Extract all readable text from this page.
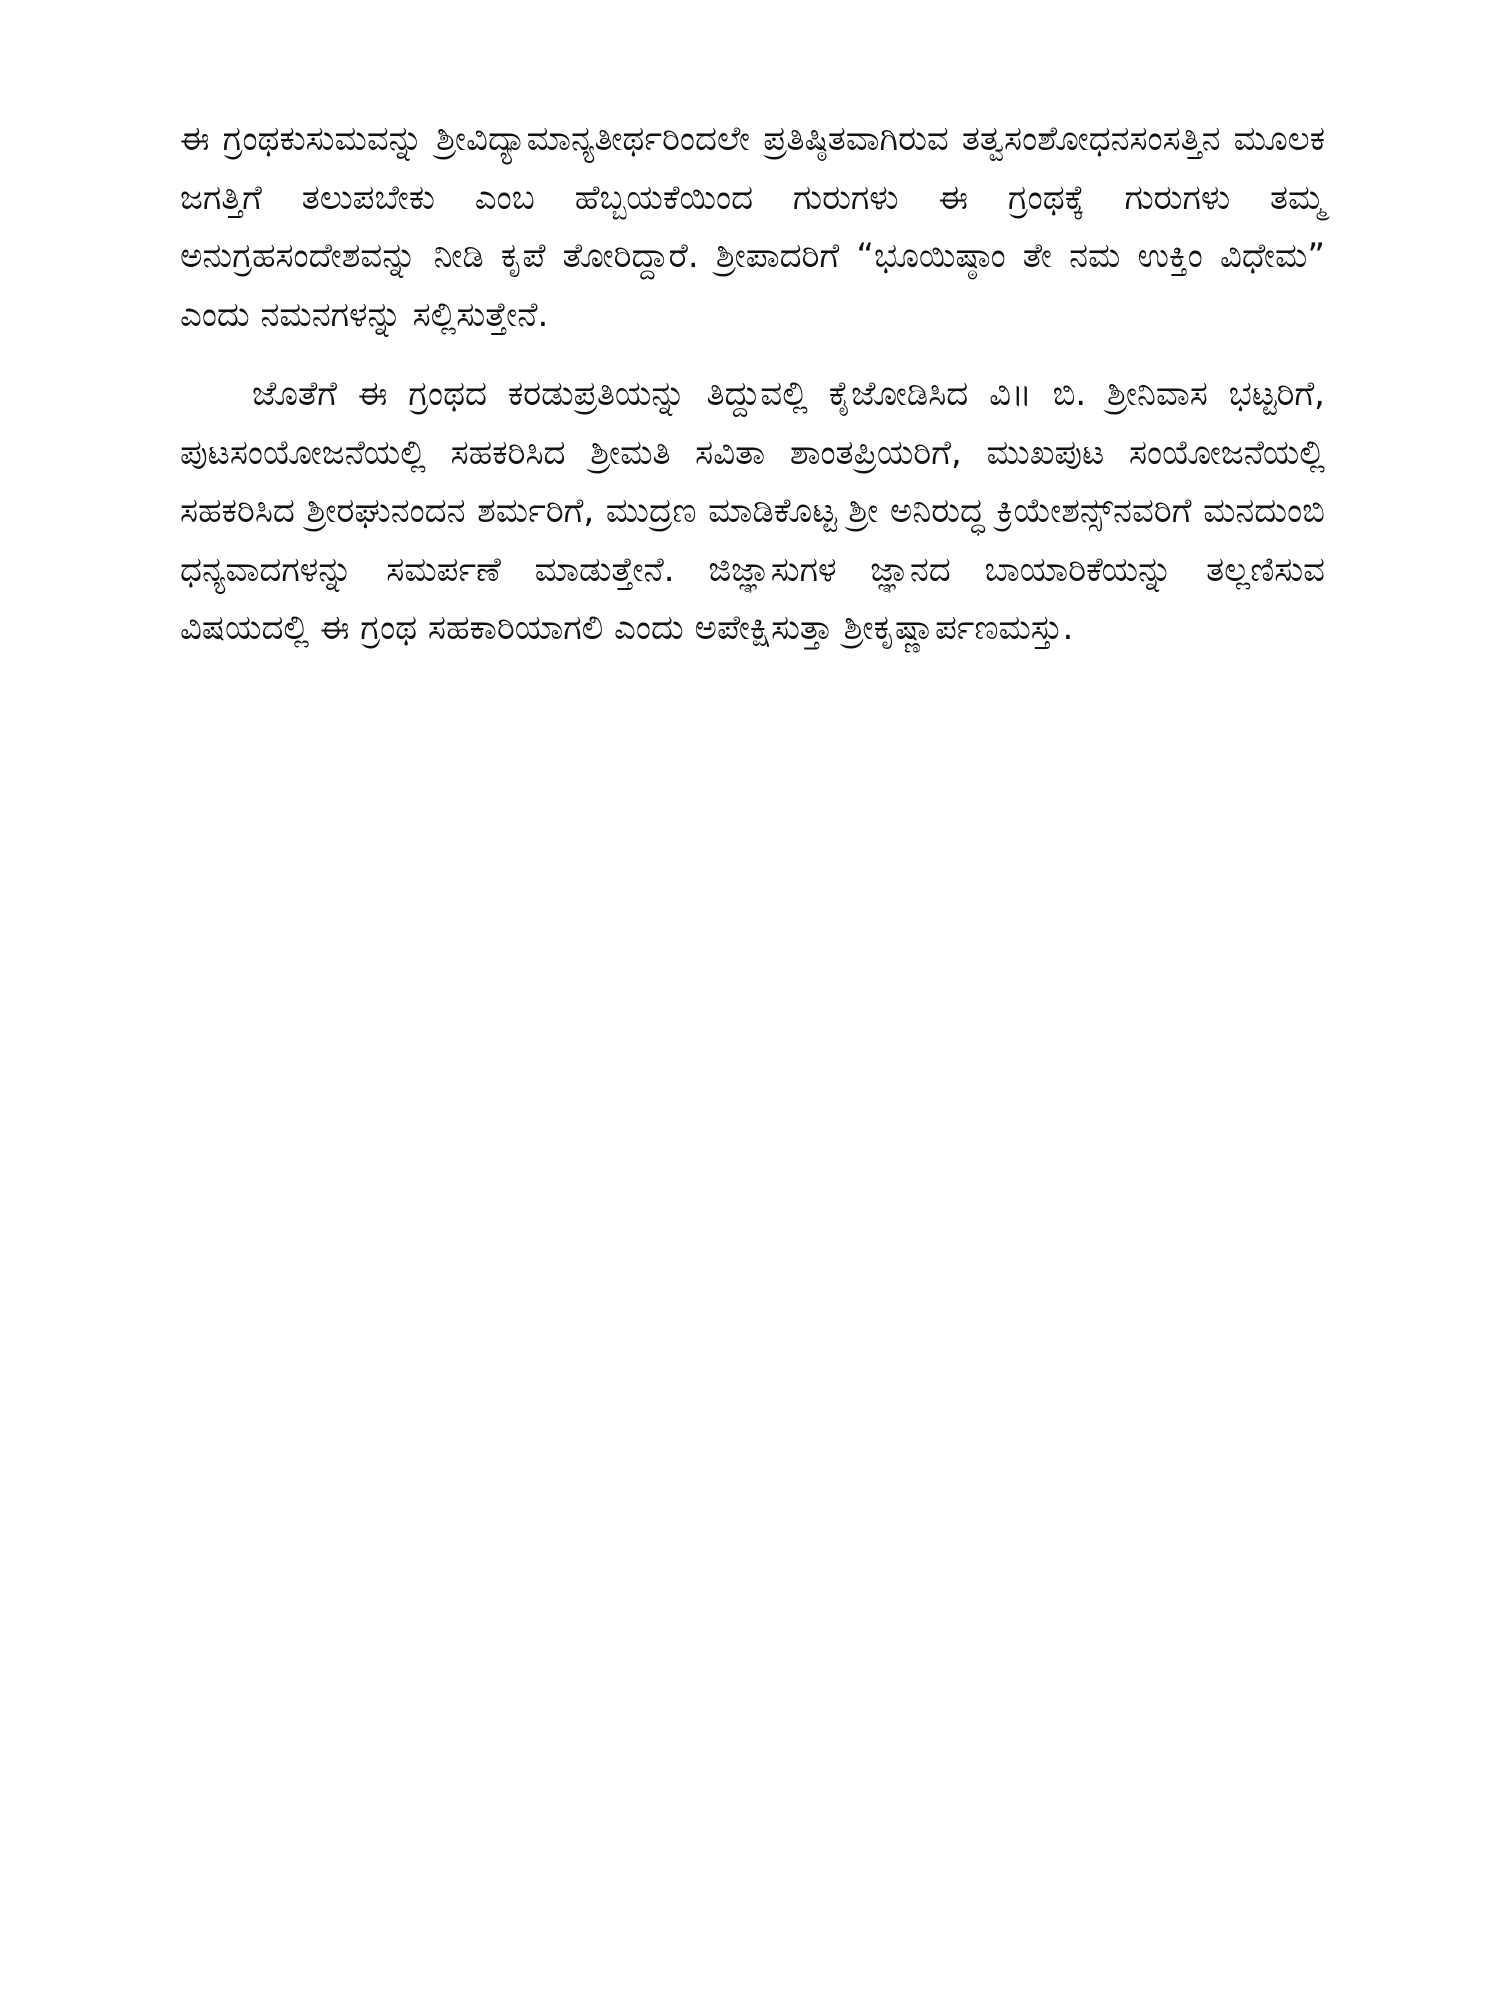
ಈ ಗ್ರಂಥಕುಸುಮವನ್ನು ಶ್ರೀವಿದ್ಯಾಮಾನ್ಯತೀರ್ಥರಿಂದಲೇ ಪ್ರತಿಷ್ಠಿತವಾಗಿರುವ ತತ್ವಸಂಶೋಧನಸಂಸತ್ತಿನ ಮೂಲಕ ಜಗತ್ತಿಗೆ ತಲುಪಬೇಕು ಎಂಬ ಹೆಬ್ಬಯಕೆಯಿಂದ ಗುರುಗಳು ಈ ಗ್ರಂಥಕ್ಕೆ ಗುರುಗಳು ತಮ್ಮ ಅನುಗ್ರಹಸಂದೇಶವನ್ನು ನೀಡಿ ಕೃಪೆ ತೋರಿದ್ದಾರೆ. ಶ್ರೀಪಾದರಿಗೆ “ಭೂಯಿಷ್ಠಾಂ ತೇ ನಮ ಉಕ್ತಿಂ ವಿಧೇಮ” ಎಂದು ನಮನಗಳನ್ನು ಸಲ್ಲಿಸುತ್ತೇನೆ.

ಜೊತೆಗೆ ಈ ಗ್ರಂಥದ ಕರಡುಪ್ರತಿಯನ್ನು ತಿದ್ದುವಲ್ಲಿ ಕೈಜೋಡಿಸಿದ ವಿ॥ ಬಿ. ಶ್ರೀನಿವಾಸ ಭಟ್ಟರಿಗೆ, ಪುಟಸಂಯೋಜನೆಯಲ್ಲಿ ಸಹಕರಿಸಿದ ಶ್ರೀಮತಿ ಸವಿತಾ ಶಾಂತಪ್ರಿಯರಿಗೆ, ಮುಖಪುಟ ಸಂಯೋಜನೆಯಲ್ಲಿ ಸಹಕರಿಸಿದ ಶ್ರೀರಘುನಂದನ ಶರ್ಮರಿಗೆ, ಮುದ್ರಣ ಮಾಡಿಕೊಟ್ಟ ಶ್ರೀ ಅನಿರುದ್ಧ ಕ್ರಿಯೇಶನ್ಸ್‌ನವರಿಗೆ ಮನದುಂಬಿ ಧನ್ಯವಾದಗಳನ್ನು ಸಮರ್ಪಣೆ ಮಾಡುತ್ತೇನೆ. ಜಿಜ್ಞಾಸುಗಳ ಜ್ಞಾನದ ಬಾಯಾರಿಕೆಯನ್ನು ತಲ್ಲಣಿಸುವ ವಿಷಯದಲ್ಲಿ ಈ ಗ್ರಂಥ ಸಹಕಾರಿಯಾಗಲಿ ಎಂದು ಅಪೇಕ್ಷಿಸುತ್ತಾ ಶ್ರೀಕೃಷ್ಣಾರ್ಪಣಮಸ್ತು.
